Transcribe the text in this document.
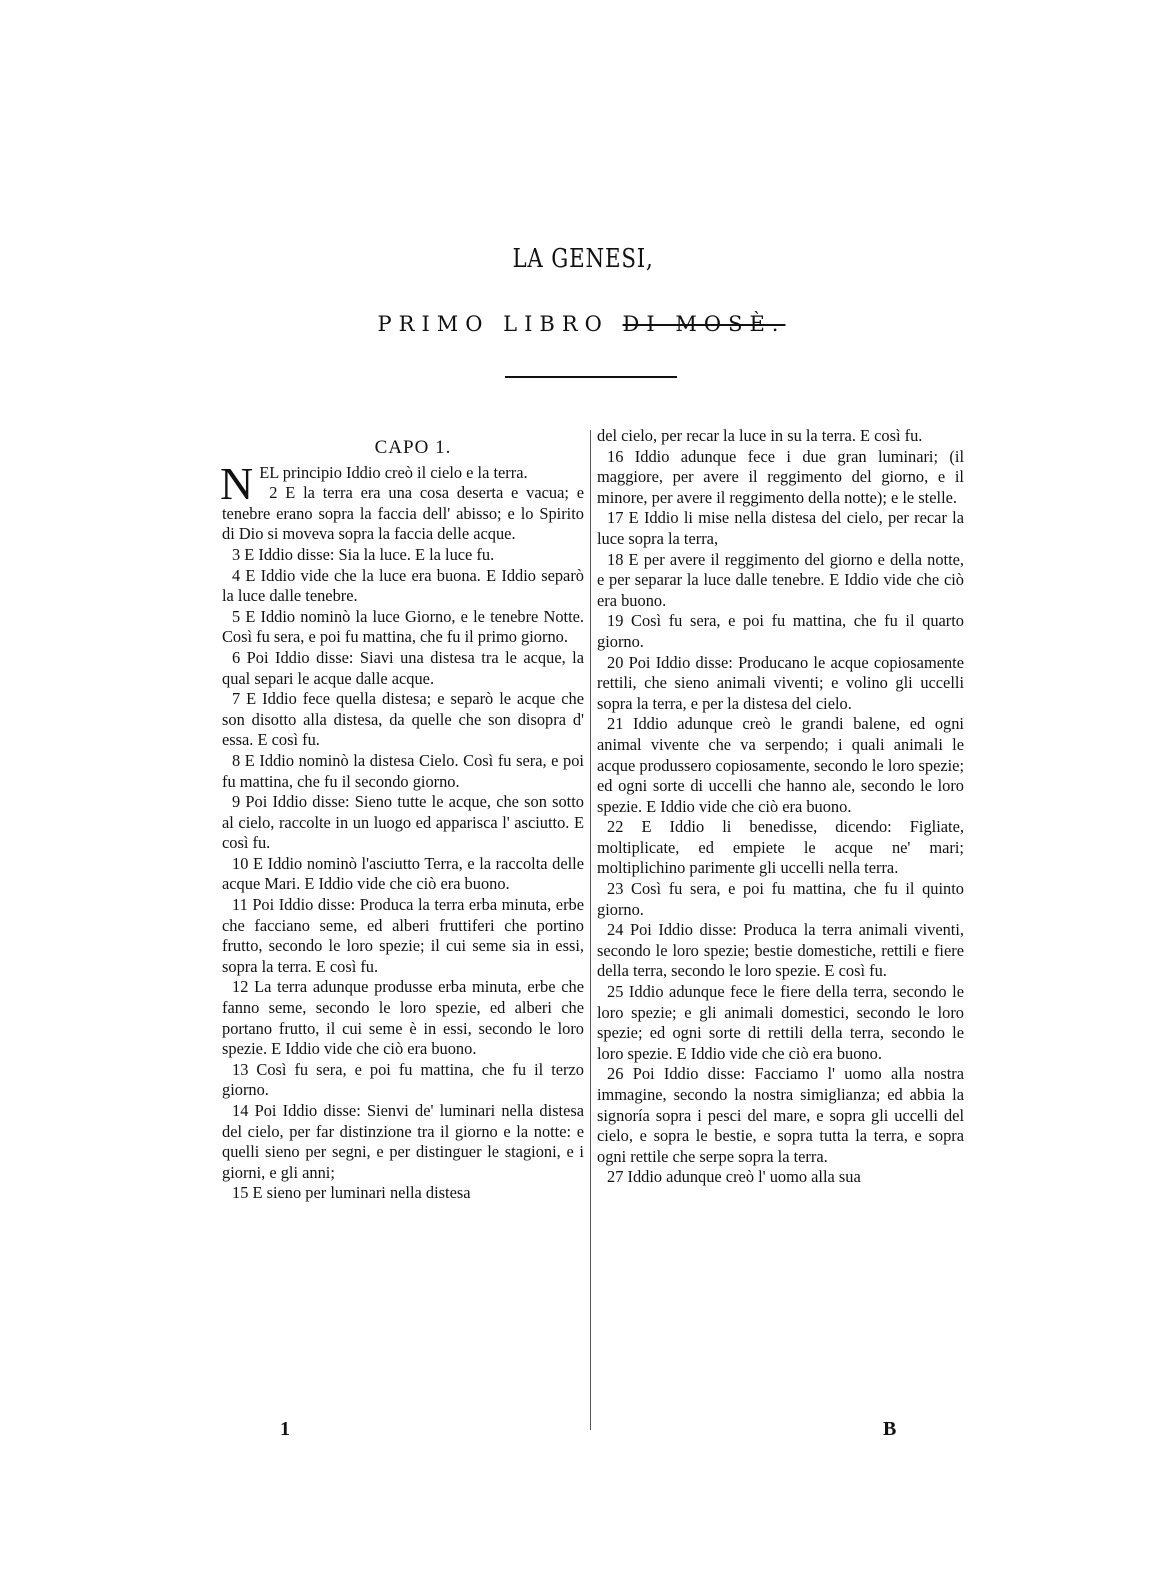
LA GENESI,
PRIMO LIBRO DI MOSÈ.
CAPO 1.

NEL principio Iddio creò il cielo e la terra.

2 E la terra era una cosa deserta e vacua; e tenebre erano sopra la faccia dell' abisso; e lo Spirito di Dio si moveva sopra la faccia delle acque.

3 E Iddio disse: Sia la luce. E la luce fu.

4 E Iddio vide che la luce era buona. E Iddio separò la luce dalle tenebre.

5 E Iddio nominò la luce Giorno, e le tenebre Notte. Così fu sera, e poi fu mattina, che fu il primo giorno.

6 Poi Iddio disse: Siavi una distesa tra le acque, la qual separi le acque dalle acque.

7 E Iddio fece quella distesa; e separò le acque che son disotto alla distesa, da quelle che son disopra d' essa. E così fu.

8 E Iddio nominò la distesa Cielo. Così fu sera, e poi fu mattina, che fu il secondo giorno.

9 Poi Iddio disse: Sieno tutte le acque, che son sotto al cielo, raccolte in un luogo ed apparisca l' asciutto. E così fu.

10 E Iddio nominò l'asciutto Terra, e la raccolta delle acque Mari. E Iddio vide che ciò era buono.

11 Poi Iddio disse: Produca la terra erba minuta, erbe che facciano seme, ed alberi fruttiferi che portino frutto, secondo le loro spezie; il cui seme sia in essi, sopra la terra. E così fu.

12 La terra adunque produsse erba minuta, erbe che fanno seme, secondo le loro spezie, ed alberi che portano frutto, il cui seme è in essi, secondo le loro spezie. E Iddio vide che ciò era buono.

13 Così fu sera, e poi fu mattina, che fu il terzo giorno.

14 Poi Iddio disse: Sienvi de' luminari nella distesa del cielo, per far distinzione tra il giorno e la notte: e quelli sieno per segni, e per distinguer le stagioni, e i giorni, e gli anni;

15 E sieno per luminari nella distesa

del cielo, per recar la luce in su la terra. E così fu.

16 Iddio adunque fece i due gran luminari; (il maggiore, per avere il reggimento del giorno, e il minore, per avere il reggimento della notte); e le stelle.

17 E Iddio li mise nella distesa del cielo, per recar la luce sopra la terra,

18 E per avere il reggimento del giorno e della notte, e per separar la luce dalle tenebre. E Iddio vide che ciò era buono.

19 Così fu sera, e poi fu mattina, che fu il quarto giorno.

20 Poi Iddio disse: Producano le acque copiosamente rettili, che sieno animali viventi; e volino gli uccelli sopra la terra, e per la distesa del cielo.

21 Iddio adunque creò le grandi balene, ed ogni animal vivente che va serpendo; i quali animali le acque produssero copiosamente, secondo le loro spezie; ed ogni sorte di uccelli che hanno ale, secondo le loro spezie. E Iddio vide che ciò era buono.

22 E Iddio li benedisse, dicendo: Figliate, moltiplicate, ed empiete le acque ne' mari; moltiplichino parimente gli uccelli nella terra.

23 Così fu sera, e poi fu mattina, che fu il quinto giorno.

24 Poi Iddio disse: Produca la terra animali viventi, secondo le loro spezie; bestie domestiche, rettili e fiere della terra, secondo le loro spezie. E così fu.

25 Iddio adunque fece le fiere della terra, secondo le loro spezie; e gli animali domestici, secondo le loro spezie; ed ogni sorte di rettili della terra, secondo le loro spezie. E Iddio vide che ciò era buono.

26 Poi Iddio disse: Facciamo l' uomo alla nostra immagine, secondo la nostra simiglianza; ed abbia la signoría sopra i pesci del mare, e sopra gli uccelli del cielo, e sopra le bestie, e sopra tutta la terra, e sopra ogni rettile che serpe sopra la terra.

27 Iddio adunque creò l' uomo alla sua

1	B
